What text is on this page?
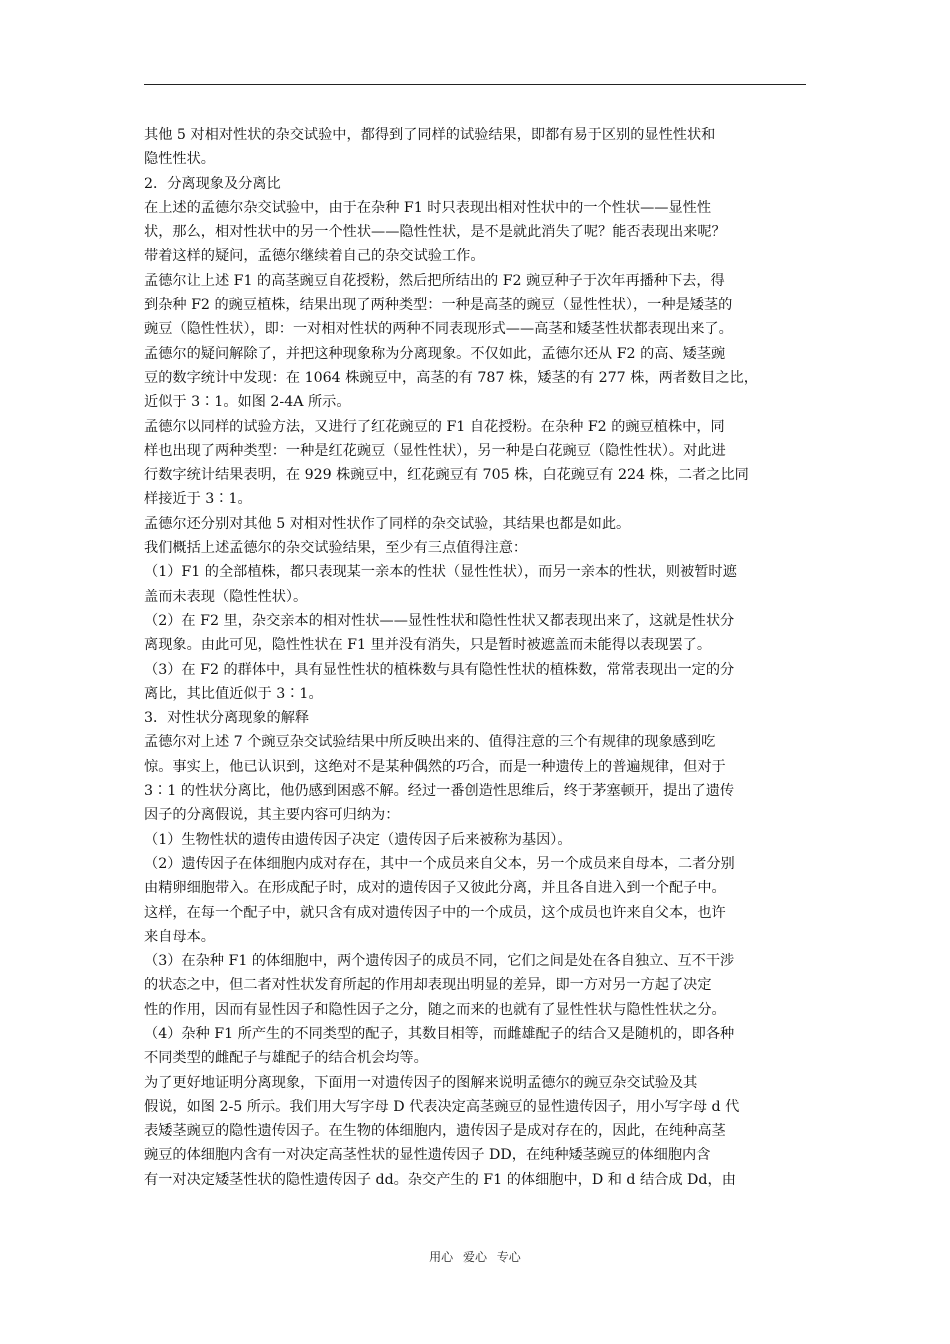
其他 5 对相对性状的杂交试验中，都得到了同样的试验结果，即都有易于区别的显性性状和
隐性性状。
2．分离现象及分离比
在上述的孟德尔杂交试验中，由于在杂种 F1 时只表现出相对性状中的一个性状——显性性
状，那么，相对性状中的另一个性状——隐性性状，是不是就此消失了呢？能否表现出来呢？
带着这样的疑问，孟德尔继续着自己的杂交试验工作。
孟德尔让上述 F1 的高茎豌豆自花授粉，然后把所结出的 F2 豌豆种子于次年再播种下去，得
到杂种 F2 的豌豆植株，结果出现了两种类型：一种是高茎的豌豆（显性性状），一种是矮茎的
豌豆（隐性性状），即：一对相对性状的两种不同表现形式——高茎和矮茎性状都表现出来了。
孟德尔的疑问解除了，并把这种现象称为分离现象。不仅如此，孟德尔还从 F2 的高、矮茎豌
豆的数字统计中发现：在 1064 株豌豆中，高茎的有 787 株，矮茎的有 277 株，两者数目之比，
近似于 3∶1。如图 2-4A 所示。
孟德尔以同样的试验方法，又进行了红花豌豆的 F1 自花授粉。在杂种 F2 的豌豆植株中，同
样也出现了两种类型：一种是红花豌豆（显性性状），另一种是白花豌豆（隐性性状）。对此进
行数字统计结果表明，在 929 株豌豆中，红花豌豆有 705 株，白花豌豆有 224 株，二者之比同
样接近于 3∶1。
孟德尔还分别对其他 5 对相对性状作了同样的杂交试验，其结果也都是如此。
我们概括上述孟德尔的杂交试验结果，至少有三点值得注意：
（1）F1 的全部植株，都只表现某一亲本的性状（显性性状），而另一亲本的性状，则被暂时遮
盖而未表现（隐性性状）。
（2）在 F2 里，杂交亲本的相对性状——显性性状和隐性性状又都表现出来了，这就是性状分
离现象。由此可见，隐性性状在 F1 里并没有消失，只是暂时被遮盖而未能得以表现罢了。
（3）在 F2 的群体中，具有显性性状的植株数与具有隐性性状的植株数，常常表现出一定的分
离比，其比值近似于 3∶1。
3．对性状分离现象的解释
孟德尔对上述 7 个豌豆杂交试验结果中所反映出来的、值得注意的三个有规律的现象感到吃
惊。事实上，他已认识到，这绝对不是某种偶然的巧合，而是一种遗传上的普遍规律，但对于
3∶1 的性状分离比，他仍感到困惑不解。经过一番创造性思维后，终于茅塞顿开，提出了遗传
因子的分离假说，其主要内容可归纳为：
（1）生物性状的遗传由遗传因子决定（遗传因子后来被称为基因）。
（2）遗传因子在体细胞内成对存在，其中一个成员来自父本，另一个成员来自母本，二者分别
由精卵细胞带入。在形成配子时，成对的遗传因子又彼此分离，并且各自进入到一个配子中。
这样，在每一个配子中，就只含有成对遗传因子中的一个成员，这个成员也许来自父本，也许
来自母本。
（3）在杂种 F1 的体细胞中，两个遗传因子的成员不同，它们之间是处在各自独立、互不干涉
的状态之中，但二者对性状发育所起的作用却表现出明显的差异，即一方对另一方起了决定
性的作用，因而有显性因子和隐性因子之分，随之而来的也就有了显性性状与隐性性状之分。
（4）杂种 F1 所产生的不同类型的配子，其数目相等，而雌雄配子的结合又是随机的，即各种
不同类型的雌配子与雄配子的结合机会均等。
为了更好地证明分离现象，下面用一对遗传因子的图解来说明孟德尔的豌豆杂交试验及其
假说，如图 2-5 所示。我们用大写字母 D 代表决定高茎豌豆的显性遗传因子，用小写字母 d 代
表矮茎豌豆的隐性遗传因子。在生物的体细胞内，遗传因子是成对存在的，因此，在纯种高茎
豌豆的体细胞内含有一对决定高茎性状的显性遗传因子 DD，在纯种矮茎豌豆的体细胞内含
有一对决定矮茎性状的隐性遗传因子 dd。杂交产生的 F1 的体细胞中，D 和 d 结合成 Dd，由
用心 爱心 专心
